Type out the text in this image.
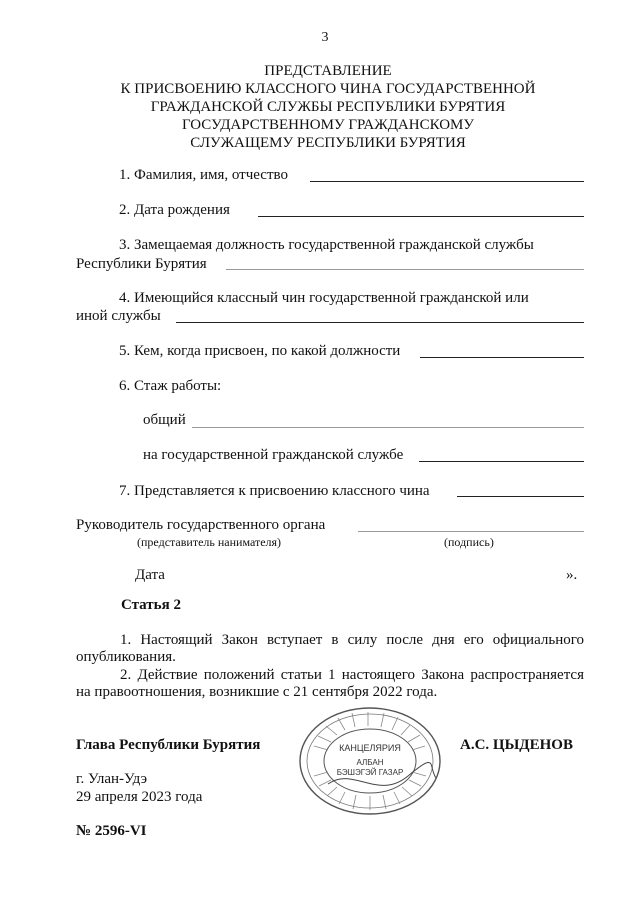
3
ПРЕДСТАВЛЕНИЕ
К ПРИСВОЕНИЮ КЛАССНОГО ЧИНА ГОСУДАРСТВЕННОЙ
ГРАЖДАНСКОЙ СЛУЖБЫ РЕСПУБЛИКИ БУРЯТИЯ
ГОСУДАРСТВЕННОМУ ГРАЖДАНСКОМУ
СЛУЖАЩЕМУ РЕСПУБЛИКИ БУРЯТИЯ
1. Фамилия, имя, отчество
2. Дата рождения
3. Замещаемая должность государственной гражданской службы
Республики Бурятия
4. Имеющийся классный чин государственной гражданской или
иной службы
5. Кем, когда присвоен, по какой должности
6. Стаж работы:
общий
на государственной гражданской службе
7. Представляется к присвоению классного чина
Руководитель государственного органа
(представитель нанимателя)	(подпись)
Дата	».
Статья 2
1. Настоящий Закон вступает в силу после дня его официального
опубликования.
2. Действие положений статьи 1 настоящего Закона распространяется
на правоотношения, возникшие с 21 сентября 2022 года.
Глава Республики Бурятия	А.С. ЦЫДЕНОВ
г. Улан-Удэ
29 апреля 2023 года
№ 2596-VI
КАНЦЕЛЯРИЯ
АЛБАН
БЭШЭГЭЙ ГАЗАР
